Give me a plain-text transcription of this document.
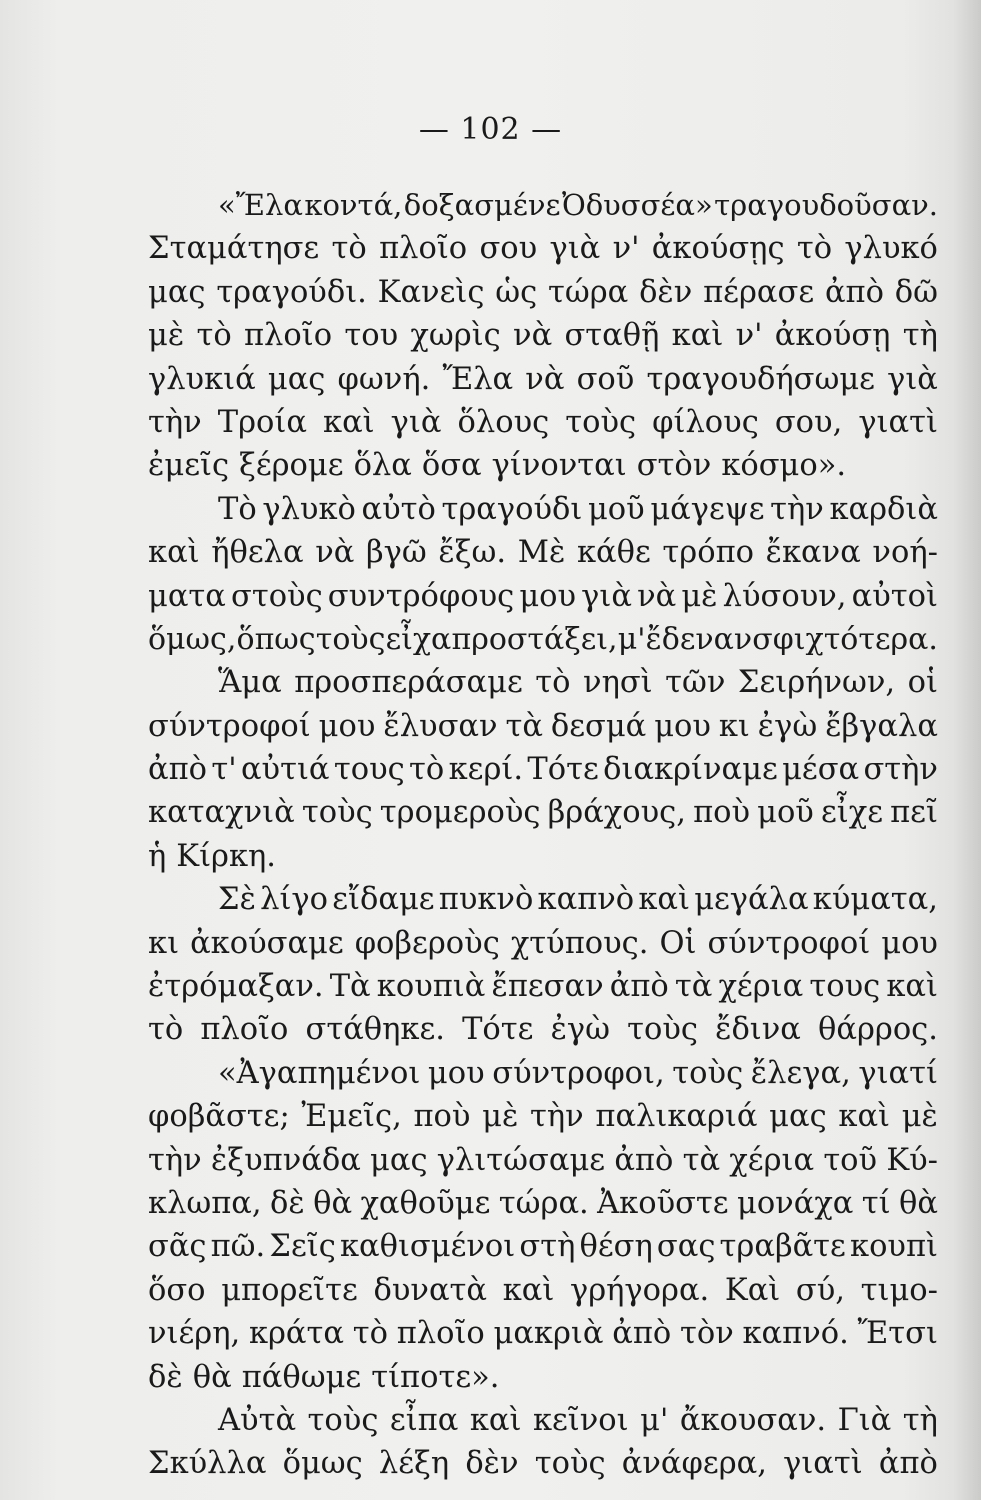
— 102 —
«Ἔλα κοντά, δοξασμένε Ὀδυσσέα» τραγουδοῦσαν.
Σταμάτησε τὸ πλοῖο σου γιὰ ν' ἀκούσῃς τὸ γλυκό
μας τραγούδι. Κανεὶς ὡς τώρα δὲν πέρασε ἀπὸ δῶ
μὲ τὸ πλοῖο του χωρὶς νὰ σταθῇ καὶ ν' ἀκούσῃ τὴ
γλυκιά μας φωνή. Ἔλα νὰ σοῦ τραγουδήσωμε γιὰ
τὴν Τροία καὶ γιὰ ὅλους τοὺς φίλους σου, γιατὶ
ἐμεῖς ξέρομε ὅλα ὅσα γίνονται στὸν κόσμο».
Τὸ γλυκὸ αὐτὸ τραγούδι μοῦ μάγεψε τὴν καρδιὰ
καὶ ἤθελα νὰ βγῶ ἔξω. Μὲ κάθε τρόπο ἔκανα νοή-
ματα στοὺς συντρόφους μου γιὰ νὰ μὲ λύσουν, αὐτοὶ
ὅμως, ὅπως τοὺς εἶχα προστάξει, μ' ἔδεναν σφιχτότερα.
Ἅμα προσπεράσαμε τὸ νησὶ τῶν Σειρήνων, οἱ
σύντροφοί μου ἔλυσαν τὰ δεσμά μου κι ἐγὼ ἔβγαλα
ἀπὸ τ' αὐτιά τους τὸ κερί. Τότε διακρίναμε μέσα στὴν
καταχνιὰ τοὺς τρομεροὺς βράχους, ποὺ μοῦ εἶχε πεῖ
ἡ Κίρκη.
Σὲ λίγο εἴδαμε πυκνὸ καπνὸ καὶ μεγάλα κύματα,
κι ἀκούσαμε φοβεροὺς χτύπους. Οἱ σύντροφοί μου
ἐτρόμαξαν. Τὰ κουπιὰ ἔπεσαν ἀπὸ τὰ χέρια τους καὶ
τὸ πλοῖο στάθηκε. Τότε ἐγὼ τοὺς ἔδινα θάρρος.
«Ἀγαπημένοι μου σύντροφοι, τοὺς ἔλεγα, γιατί
φοβᾶστε; Ἐμεῖς, ποὺ μὲ τὴν παλικαριά μας καὶ μὲ
τὴν ἐξυπνάδα μας γλιτώσαμε ἀπὸ τὰ χέρια τοῦ Κύ-
κλωπα, δὲ θὰ χαθοῦμε τώρα. Ἀκοῦστε μονάχα τί θὰ
σᾶς πῶ. Σεῖς καθισμένοι στὴ θέση σας τραβᾶτε κουπὶ
ὅσο μπορεῖτε δυνατὰ καὶ γρήγορα. Καὶ σύ, τιμο-
νιέρη, κράτα τὸ πλοῖο μακριὰ ἀπὸ τὸν καπνό. Ἔτσι
δὲ θὰ πάθωμε τίποτε».
Αὐτὰ τοὺς εἶπα καὶ κεῖνοι μ' ἄκουσαν. Γιὰ τὴ
Σκύλλα ὅμως λέξη δὲν τοὺς ἀνάφερα, γιατὶ ἀπὸ
